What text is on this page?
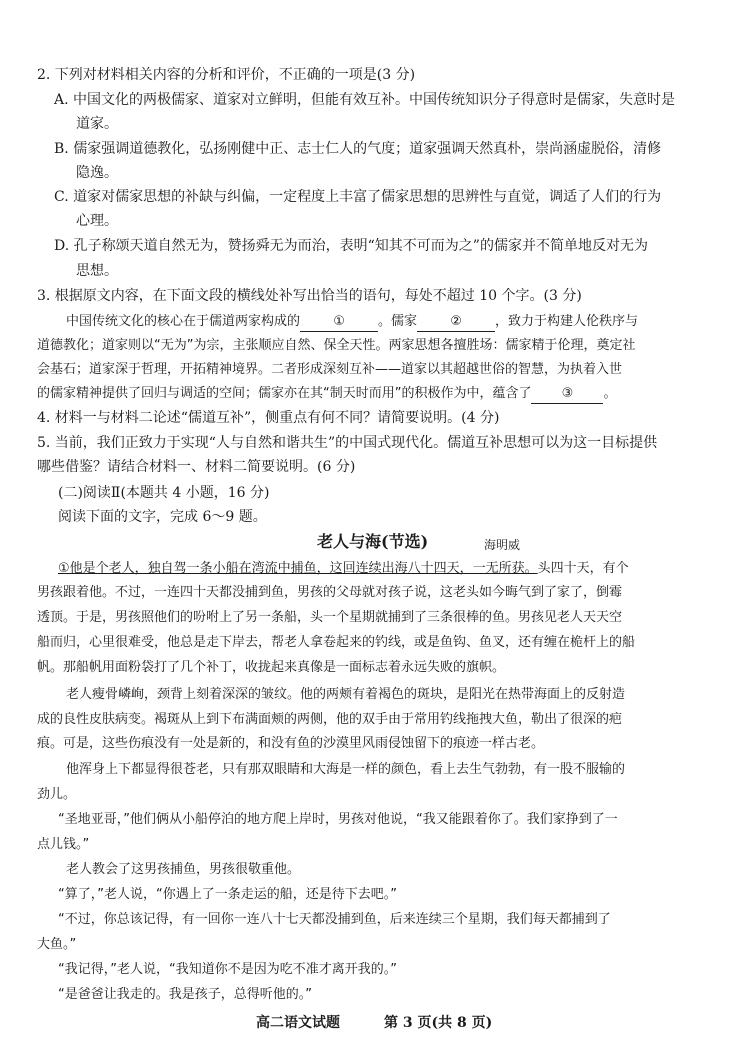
2. 下列对材料相关内容的分析和评价，不正确的一项是(3 分)
A. 中国文化的两极儒家、道家对立鲜明，但能有效互补。中国传统知识分子得意时是儒家，失意时是
道家。
B. 儒家强调道德教化，弘扬刚健中正、志士仁人的气度；道家强调天然真朴，崇尚涵虚脱俗，清修
隐逸。
C. 道家对儒家思想的补缺与纠偏，一定程度上丰富了儒家思想的思辨性与直觉，调适了人们的行为
心理。
D. 孔子称颂天道自然无为，赞扬舜无为而治，表明“知其不可而为之”的儒家并不简单地反对无为
思想。
3. 根据原文内容，在下面文段的横线处补写出恰当的语句，每处不超过 10 个字。(3 分)
中国传统文化的核心在于儒道两家构成的	①	。儒家	②	，致力于构建人伦秩序与
道德教化；道家则以“无为”为宗，主张顺应自然、保全天性。两家思想各擅胜场：儒家精于伦理，奠定社
会基石；道家深于哲理，开拓精神境界。二者形成深刻互补——道家以其超越世俗的智慧，为执着入世
的儒家精神提供了回归与调适的空间；儒家亦在其“制天时而用”的积极作为中，蕴含了 ③ 。
4. 材料一与材料二论述“儒道互补”，侧重点有何不同？请简要说明。(4 分)
5. 当前，我们正致力于实现“人与自然和谐共生”的中国式现代化。儒道互补思想可以为这一目标提供
哪些借鉴？请结合材料一、材料二简要说明。(6 分)
(二)阅读Ⅱ(本题共 4 小题，16 分)
阅读下面的文字，完成 6～9 题。
老人与海(节选)	海明威
①他是个老人，独自驾一条小船在湾流中捕鱼，这回连续出海八十四天，一无所获。头四十天，有个
男孩跟着他。不过，一连四十天都没捕到鱼，男孩的父母就对孩子说，这老头如今晦气到了家了，倒霉
透顶。于是，男孩照他们的吩咐上了另一条船，头一个星期就捕到了三条很棒的鱼。男孩见老人天天空
船而归，心里很难受，他总是走下岸去，帮老人拿卷起来的钓线，或是鱼钩、鱼叉，还有缠在桅杆上的船
帆。那船帆用面粉袋打了几个补丁，收拢起来真像是一面标志着永远失败的旗帜。
老人瘦骨嶙峋，颈背上刻着深深的皱纹。他的两颊有着褐色的斑块，是阳光在热带海面上的反射造
成的良性皮肤病变。褐斑从上到下布满面颊的两侧，他的双手由于常用钓线拖拽大鱼，勒出了很深的疤
痕。可是，这些伤痕没有一处是新的，和没有鱼的沙漠里风雨侵蚀留下的痕迹一样古老。
他浑身上下都显得很苍老，只有那双眼睛和大海是一样的颜色，看上去生气勃勃，有一股不服输的
劲儿。
“圣地亚哥，”他们俩从小船停泊的地方爬上岸时，男孩对他说，“我又能跟着你了。我们家挣到了一
点儿钱。”
老人教会了这男孩捕鱼，男孩很敬重他。
“算了，”老人说，“你遇上了一条走运的船，还是待下去吧。”
“不过，你总该记得，有一回你一连八十七天都没捕到鱼，后来连续三个星期，我们每天都捕到了
大鱼。”
“我记得，”老人说，“我知道你不是因为吃不准才离开我的。”
“是爸爸让我走的。我是孩子，总得听他的。”
高二语文试题	第 3 页(共 8 页)
